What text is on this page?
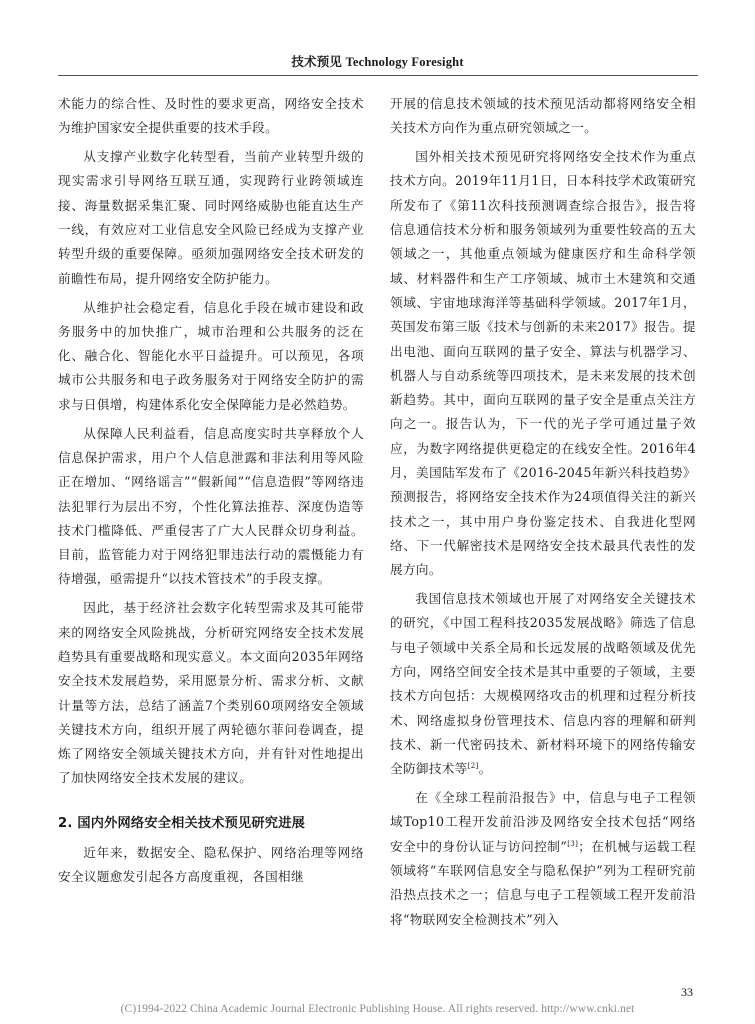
技术预见 Technology Foresight

术能力的综合性、及时性的要求更高，网络安全技术为维护国家安全提供重要的技术手段。

从支撑产业数字化转型看，当前产业转型升级的现实需求引导网络互联互通，实现跨行业跨领域连接、海量数据采集汇聚、同时网络威胁也能直达生产一线，有效应对工业信息安全风险已经成为支撑产业转型升级的重要保障。亟须加强网络安全技术研发的前瞻性布局，提升网络安全防护能力。

从维护社会稳定看，信息化手段在城市建设和政务服务中的加快推广，城市治理和公共服务的泛在化、融合化、智能化水平日益提升。可以预见，各项城市公共服务和电子政务服务对于网络安全防护的需求与日俱增，构建体系化安全保障能力是必然趋势。

从保障人民利益看，信息高度实时共享释放个人信息保护需求，用户个人信息泄露和非法利用等风险正在增加、“网络谣言”“假新闻”“信息造假”等网络违法犯罪行为层出不穷，个性化算法推荐、深度伪造等技术门槛降低、严重侵害了广大人民群众切身利益。目前，监管能力对于网络犯罪违法行动的震慑能力有待增强，亟需提升“以技术管技术”的手段支撑。

因此，基于经济社会数字化转型需求及其可能带来的网络安全风险挑战，分析研究网络安全技术发展趋势具有重要战略和现实意义。本文面向2035年网络安全技术发展趋势，采用愿景分析、需求分析、文献计量等方法，总结了涵盖7个类别60项网络安全领域关键技术方向，组织开展了两轮德尔菲问卷调查，提炼了网络安全领域关键技术方向，并有针对性地提出了加快网络安全技术发展的建议。

2. 国内外网络安全相关技术预见研究进展

近年来，数据安全、隐私保护、网络治理等网络安全议题愈发引起各方高度重视，各国相继

开展的信息技术领域的技术预见活动都将网络安全相关技术方向作为重点研究领域之一。

国外相关技术预见研究将网络安全技术作为重点技术方向。2019年11月1日，日本科技学术政策研究所发布了《第11次科技预测调查综合报告》，报告将信息通信技术分析和服务领域列为重要性较高的五大领域之一，其他重点领域为健康医疗和生命科学领域、材料器件和生产工序领域、城市土木建筑和交通领域、宇宙地球海洋等基础科学领域。2017年1月，英国发布第三版《技术与创新的未来2017》报告。提出电池、面向互联网的量子安全、算法与机器学习、机器人与自动系统等四项技术，是未来发展的技术创新趋势。其中，面向互联网的量子安全是重点关注方向之一。报告认为，下一代的光子学可通过量子效应，为数字网络提供更稳定的在线安全性。2016年4月，美国陆军发布了《2016-2045年新兴科技趋势》预测报告，将网络安全技术作为24项值得关注的新兴技术之一，其中用户身份鉴定技术、自我进化型网络、下一代解密技术是网络安全技术最具代表性的发展方向。

我国信息技术领域也开展了对网络安全关键技术的研究，《中国工程科技2035发展战略》筛选了信息与电子领域中关系全局和长远发展的战略领域及优先方向，网络空间安全技术是其中重要的子领域，主要技术方向包括：大规模网络攻击的机理和过程分析技术、网络虚拟身份管理技术、信息内容的理解和研判技术、新一代密码技术、新材料环境下的网络传输安全防御技术等[2]。

在《全球工程前沿报告》中，信息与电子工程领域Top10工程开发前沿涉及网络安全技术包括“网络安全中的身份认证与访问控制”[3]；在机械与运载工程领域将“车联网信息安全与隐私保护”列为工程研究前沿热点技术之一；信息与电子工程领域工程开发前沿将“物联网安全检测技术”列入

33
(C)1994-2022 China Academic Journal Electronic Publishing House. All rights reserved. http://www.cnki.net
